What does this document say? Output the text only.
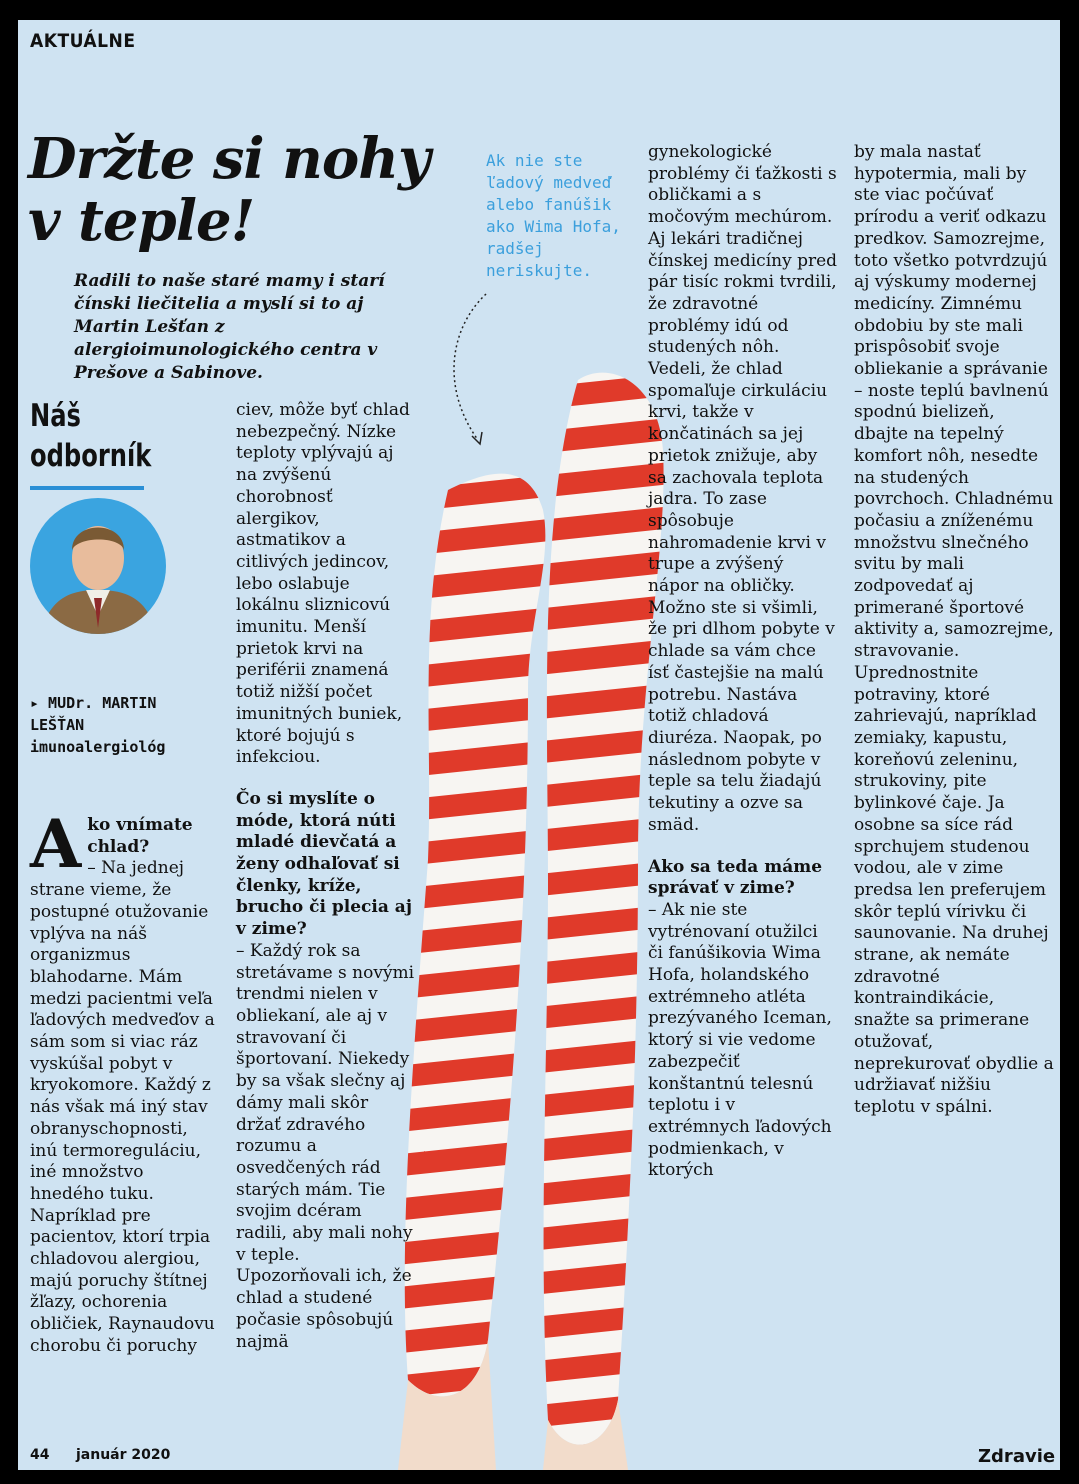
AKTUÁLNE
Držte si nohy v teple!
Radili to naše staré mamy i starí čínski liečitelia a myslí si to aj Martin Lešťan z alergioimunologického centra v Prešove a Sabinove.
Ak nie ste ľadový medveď alebo fanúšik ako Wima Hofa, radšej neriskujte.
Náš odborník
▸ MUDr. MARTIN
LEŠŤAN
imunoalergiológ
A ko vnímate chlad?

– Na jednej strane vieme, že postupné otužovanie vplýva na náš organizmus blahodarne. Mám medzi pacientmi veľa ľadových medveďov a sám som si viac ráz vyskúšal pobyt v kryokomore. Každý z nás však má iný stav obranyschopnosti, inú termoreguláciu, iné množstvo hnedého tuku. Napríklad pre pacientov, ktorí trpia chladovou alergiou, majú poruchy štítnej žľazy, ochorenia obličiek, Raynaudovu chorobu či poruchy

ciev, môže byť chlad nebezpečný. Nízke teploty vplývajú aj na zvýšenú chorobnosť alergikov, astmatikov a citlivých jedincov, lebo oslabuje lokálnu sliznicovú imunitu. Menší prietok krvi na periférii znamená totiž nižší počet imunitných buniek, ktoré bojujú s infekciou.

Čo si myslíte o móde, ktorá núti mladé dievčatá a ženy odhaľovať si členky, kríže, brucho či plecia aj v zime?

– Každý rok sa stretávame s novými trendmi nielen v obliekaní, ale aj v stravovaní či športovaní. Niekedy by sa však slečny aj dámy mali skôr držať zdravého rozumu a osvedčených rád starých mám. Tie svojim dcéram radili, aby mali nohy v teple. Upozorňovali ich, že chlad a studené počasie spôsobujú najmä

gynekologické problémy či ťažkosti s obličkami a s močovým mechúrom. Aj lekári tradičnej čínskej medicíny pred pár tisíc rokmi tvrdili, že zdravotné problémy idú od studených nôh. Vedeli, že chlad spomaľuje cirkuláciu krvi, takže v končatinách sa jej prietok znižuje, aby sa zachovala teplota jadra. To zase spôsobuje nahromadenie krvi v trupe a zvýšený nápor na obličky. Možno ste si všimli, že pri dlhom pobyte v chlade sa vám chce ísť častejšie na malú potrebu. Nastáva totiž chladová diuréza. Naopak, po následnom pobyte v teple sa telu žiadajú tekutiny a ozve sa smäd.

Ako sa teda máme správať v zime?

– Ak nie ste vytrénovaní otužilci či fanúšikovia Wima Hofa, holandského extrémneho atléta prezývaného Iceman, ktorý si vie vedome zabezpečiť konštantnú telesnú teplotu i v extrémnych ľadových podmienkach, v ktorých

by mala nastať hypotermia, mali by ste viac počúvať prírodu a veriť odkazu predkov. Samozrejme, toto všetko potvrdzujú aj výskumy modernej medicíny. Zimnému obdobiu by ste mali prispôsobiť svoje obliekanie a správanie – noste teplú bavlnenú spodnú bielizeň, dbajte na tepelný komfort nôh, nesedte na studených povrchoch. Chladnému počasiu a zníženému množstvu slnečného svitu by mali zodpovedať aj primerané športové aktivity a, samozrejme, stravovanie. Uprednostnite potraviny, ktoré zahrievajú, napríklad zemiaky, kapustu, koreňovú zeleninu, strukoviny, pite bylinkové čaje. Ja osobne sa síce rád sprchujem studenou vodou, ale v zime predsa len preferujem skôr teplú vírivku či saunovanie. Na druhej strane, ak nemáte zdravotné kontraindikácie, snažte sa primerane otužovať, neprekurovať obydlie a udržiavať nižšiu teplotu v spálni.

44 január 2020	Zdravie
